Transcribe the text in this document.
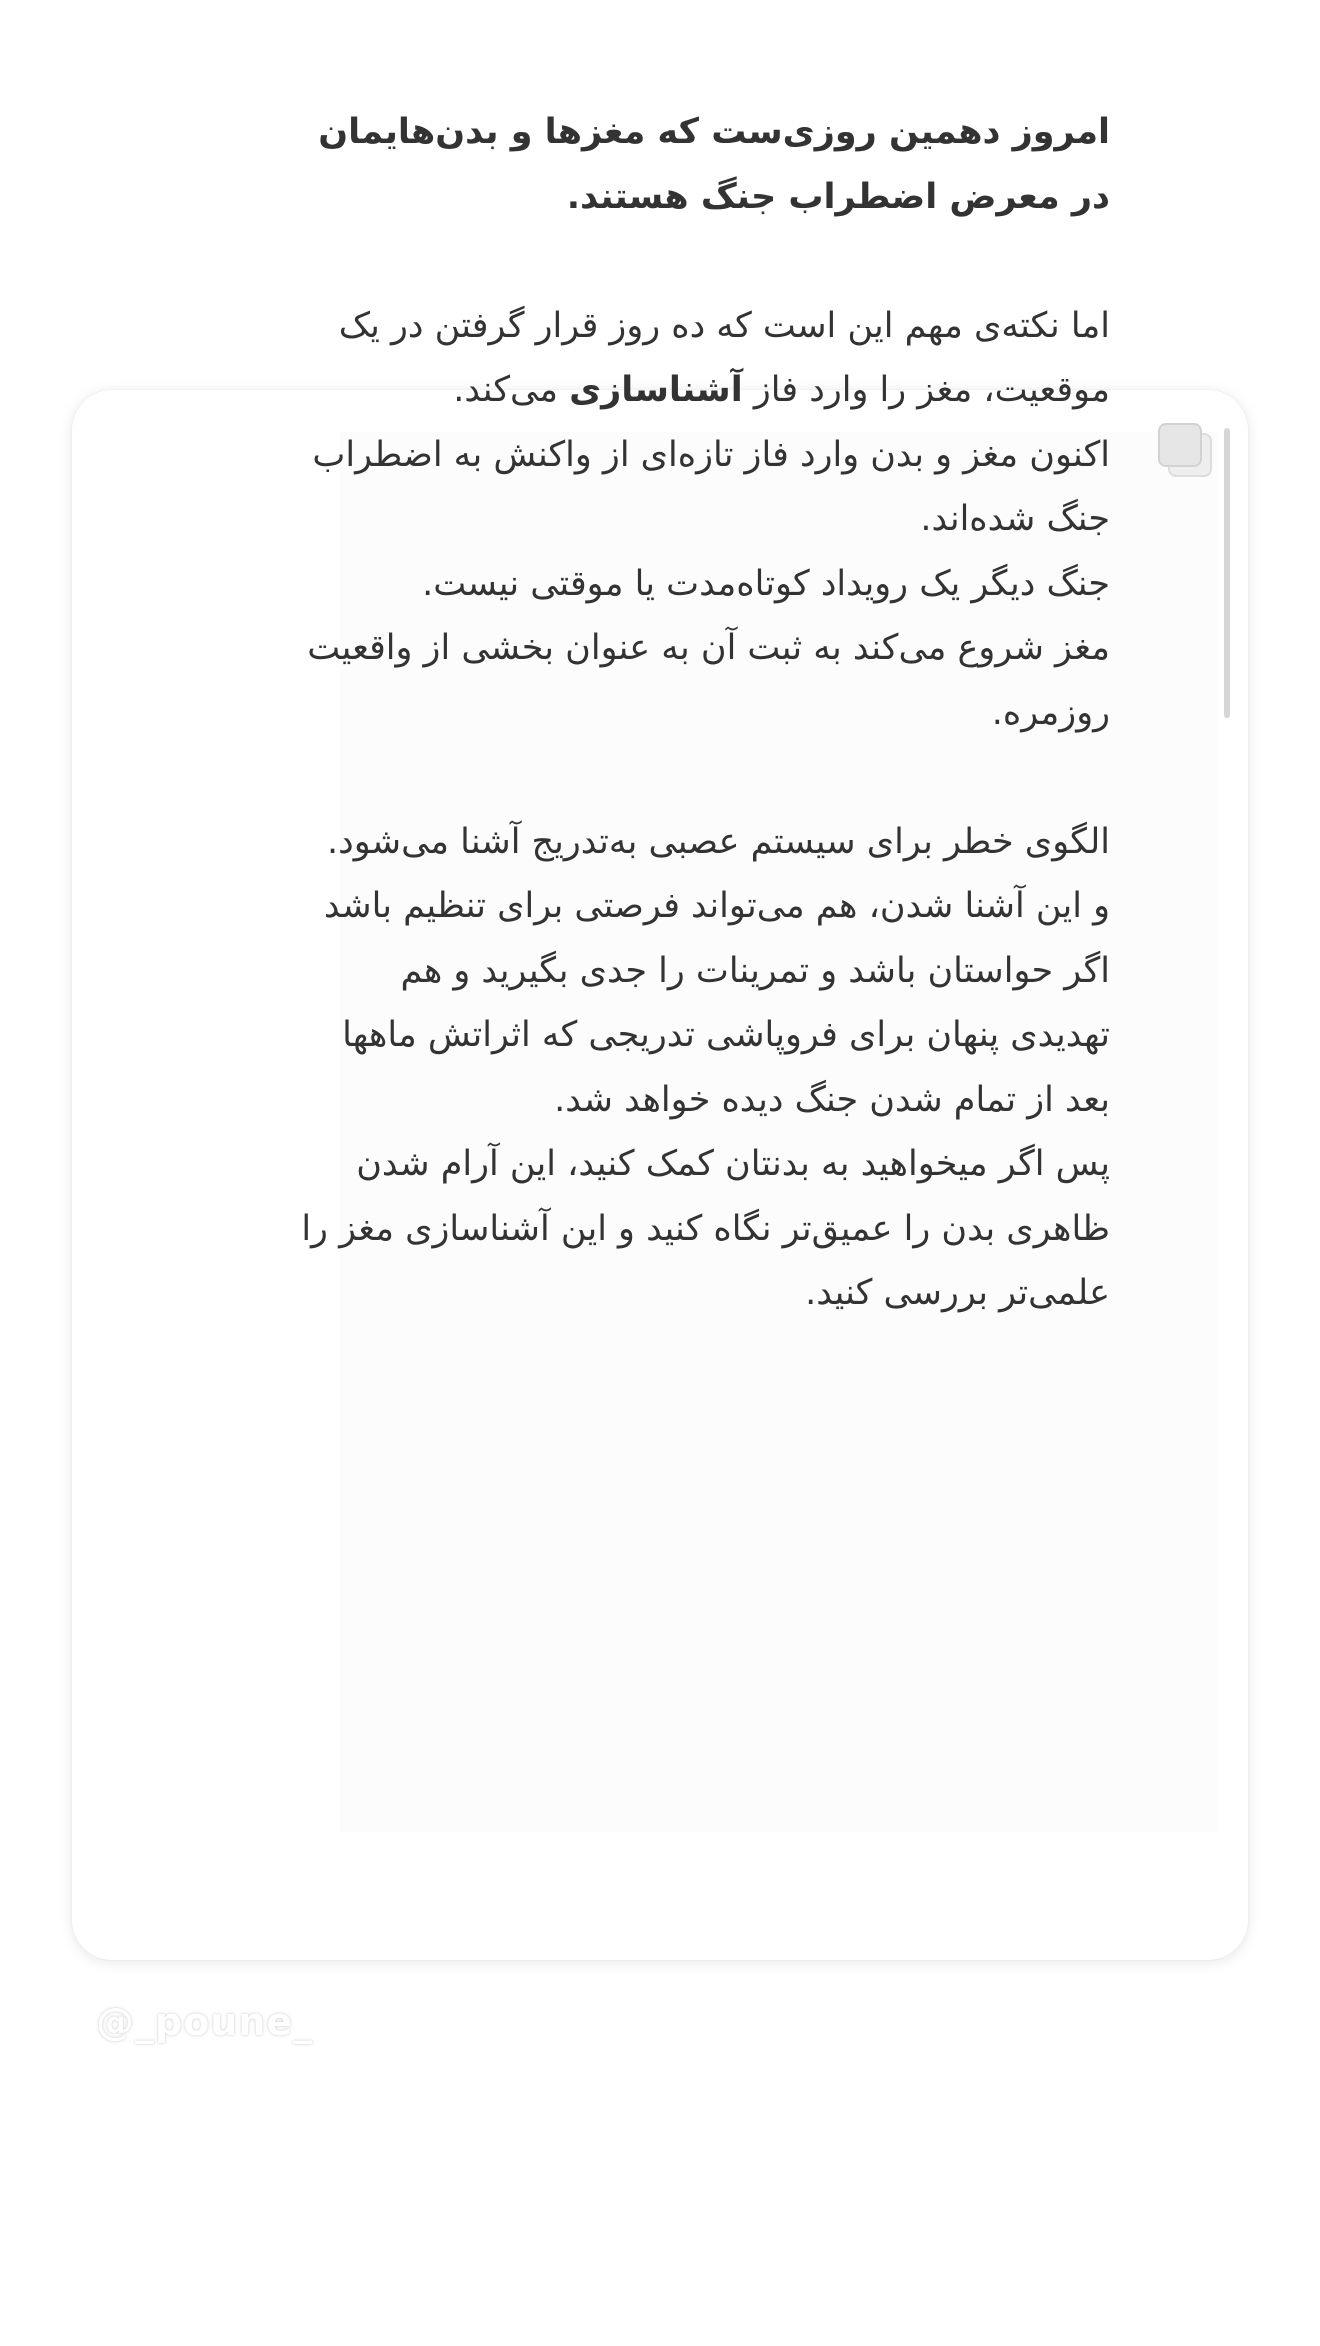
امروز دهمین روزی‌ست که مغزها و بدن‌هایمان در معرض اضطراب جنگ هستند.

اما نکته‌ی مهم این است که ده روز قرار گرفتن در یک موقعیت، مغز را وارد فاز آشناسازی می‌کند.

اکنون مغز و بدن وارد فاز تازه‌ای از واکنش به اضطراب جنگ شده‌اند.

جنگ دیگر یک رویداد کوتاه‌مدت یا موقتی نیست.

مغز شروع می‌کند به ثبت آن به عنوان بخشی از واقعیت روزمره.

الگوی خطر برای سیستم عصبی به‌تدریج آشنا می‌شود.

و این آشنا شدن، هم می‌تواند فرصتی برای تنظیم باشد اگر حواستان باشد و تمرینات را جدی بگیرید و هم تهدیدی پنهان برای فروپاشی تدریجی که اثراتش ماهها بعد از تمام شدن جنگ دیده خواهد شد.

پس اگر میخواهید به بدنتان کمک کنید، این آرام شدن ظاهری بدن را عمیق‌تر نگاه کنید و این آشناسازی مغز را علمی‌تر بررسی کنید.

@_poune_
